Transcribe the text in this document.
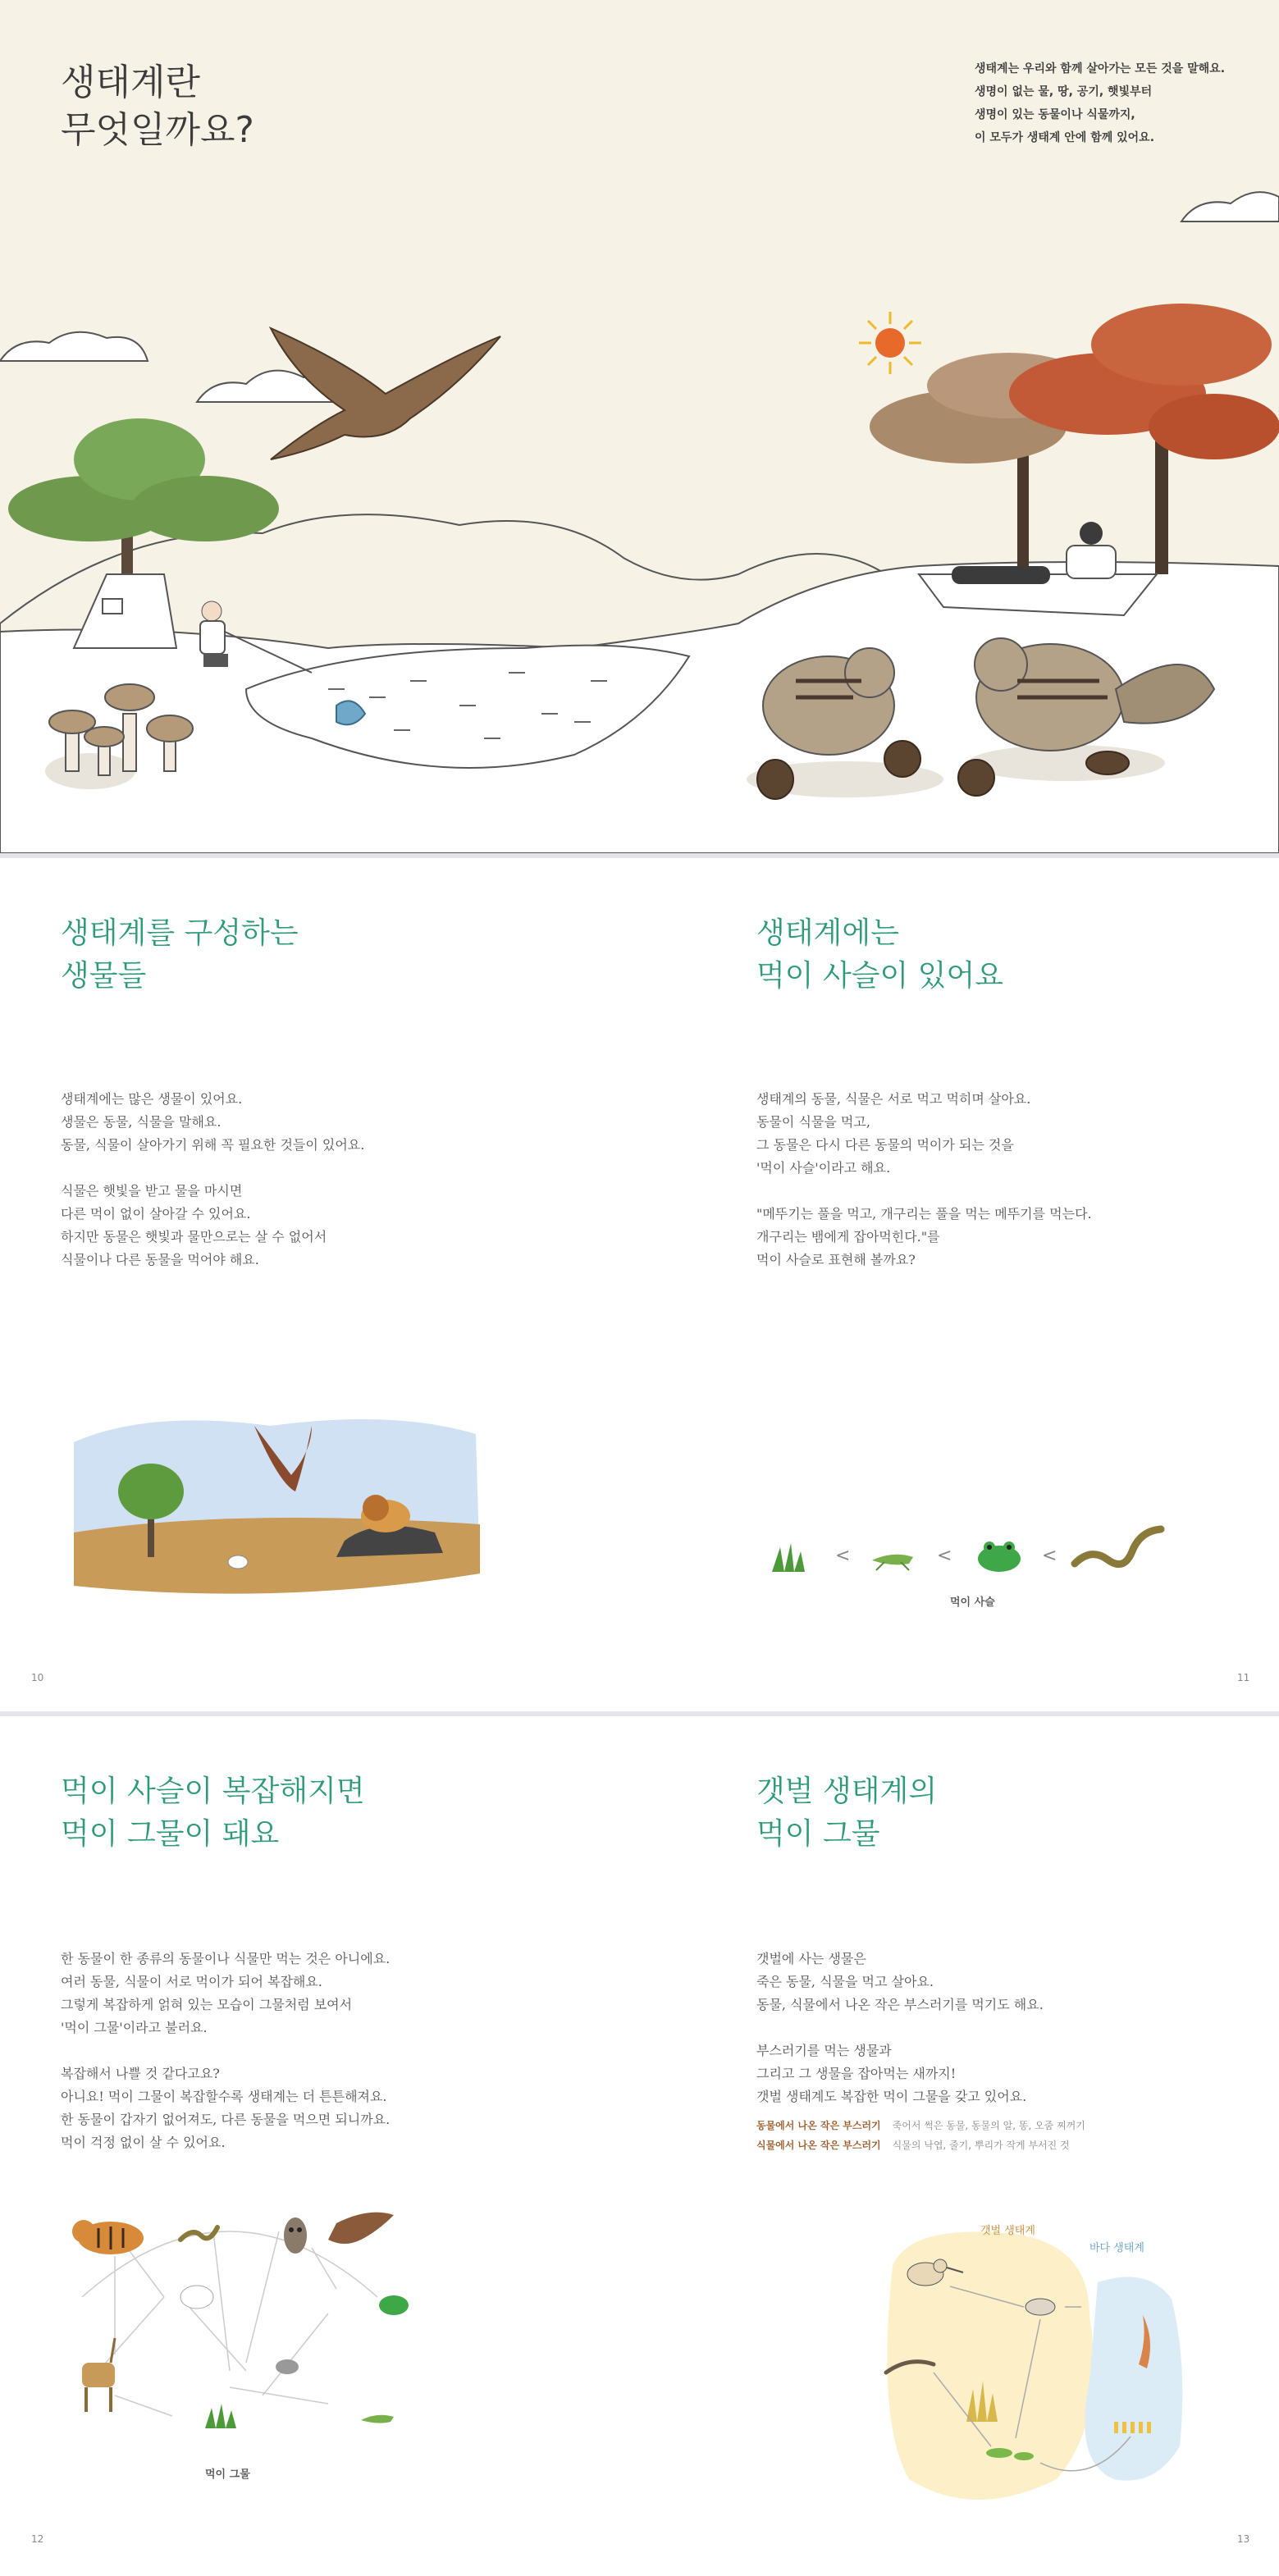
생태계란
무엇일까요?
생태계는 우리와 함께 살아가는 모든 것을 말해요.
생명이 없는 물, 땅, 공기, 햇빛부터
생명이 있는 동물이나 식물까지,
이 모두가 생태계 안에 함께 있어요.
생태계를 구성하는
생물들
생태계에는 많은 생물이 있어요.
생물은 동물, 식물을 말해요.
동물, 식물이 살아가기 위해 꼭 필요한 것들이 있어요.

식물은 햇빛을 받고 물을 마시면
다른 먹이 없이 살아갈 수 있어요.
하지만 동물은 햇빛과 물만으로는 살 수 없어서
식물이나 다른 동물을 먹어야 해요.
생태계에는
먹이 사슬이 있어요
생태계의 동물, 식물은 서로 먹고 먹히며 살아요.
동물이 식물을 먹고,
그 동물은 다시 다른 동물의 먹이가 되는 것을
'먹이 사슬'이라고 해요.

"메뚜기는 풀을 먹고, 개구리는 풀을 먹는 메뚜기를 먹는다.
개구리는 뱀에게 잡아먹힌다."를
먹이 사슬로 표현해 볼까요?
<	<	<
먹이 사슬
10	11
먹이 사슬이 복잡해지면
먹이 그물이 돼요
한 동물이 한 종류의 동물이나 식물만 먹는 것은 아니에요.
여러 동물, 식물이 서로 먹이가 되어 복잡해요.
그렇게 복잡하게 얽혀 있는 모습이 그물처럼 보여서
'먹이 그물'이라고 불러요.

복잡해서 나쁠 것 같다고요?
아니요! 먹이 그물이 복잡할수록 생태계는 더 튼튼해져요.
한 동물이 갑자기 없어져도, 다른 동물을 먹으면 되니까요.
먹이 걱정 없이 살 수 있어요.
먹이 그물
갯벌 생태계의
먹이 그물
갯벌에 사는 생물은
죽은 동물, 식물을 먹고 살아요.
동물, 식물에서 나온 작은 부스러기를 먹기도 해요.

부스러기를 먹는 생물과
그리고 그 생물을 잡아먹는 새까지!
갯벌 생태계도 복잡한 먹이 그물을 갖고 있어요.
동물에서 나온 작은 부스러기 죽어서 썩은 동물, 동물의 알, 똥, 오줌 찌꺼기
식물에서 나온 작은 부스러기 식물의 낙엽, 줄기, 뿌리가 작게 부서진 것
갯벌 생태계
바다 생태계
12	13
